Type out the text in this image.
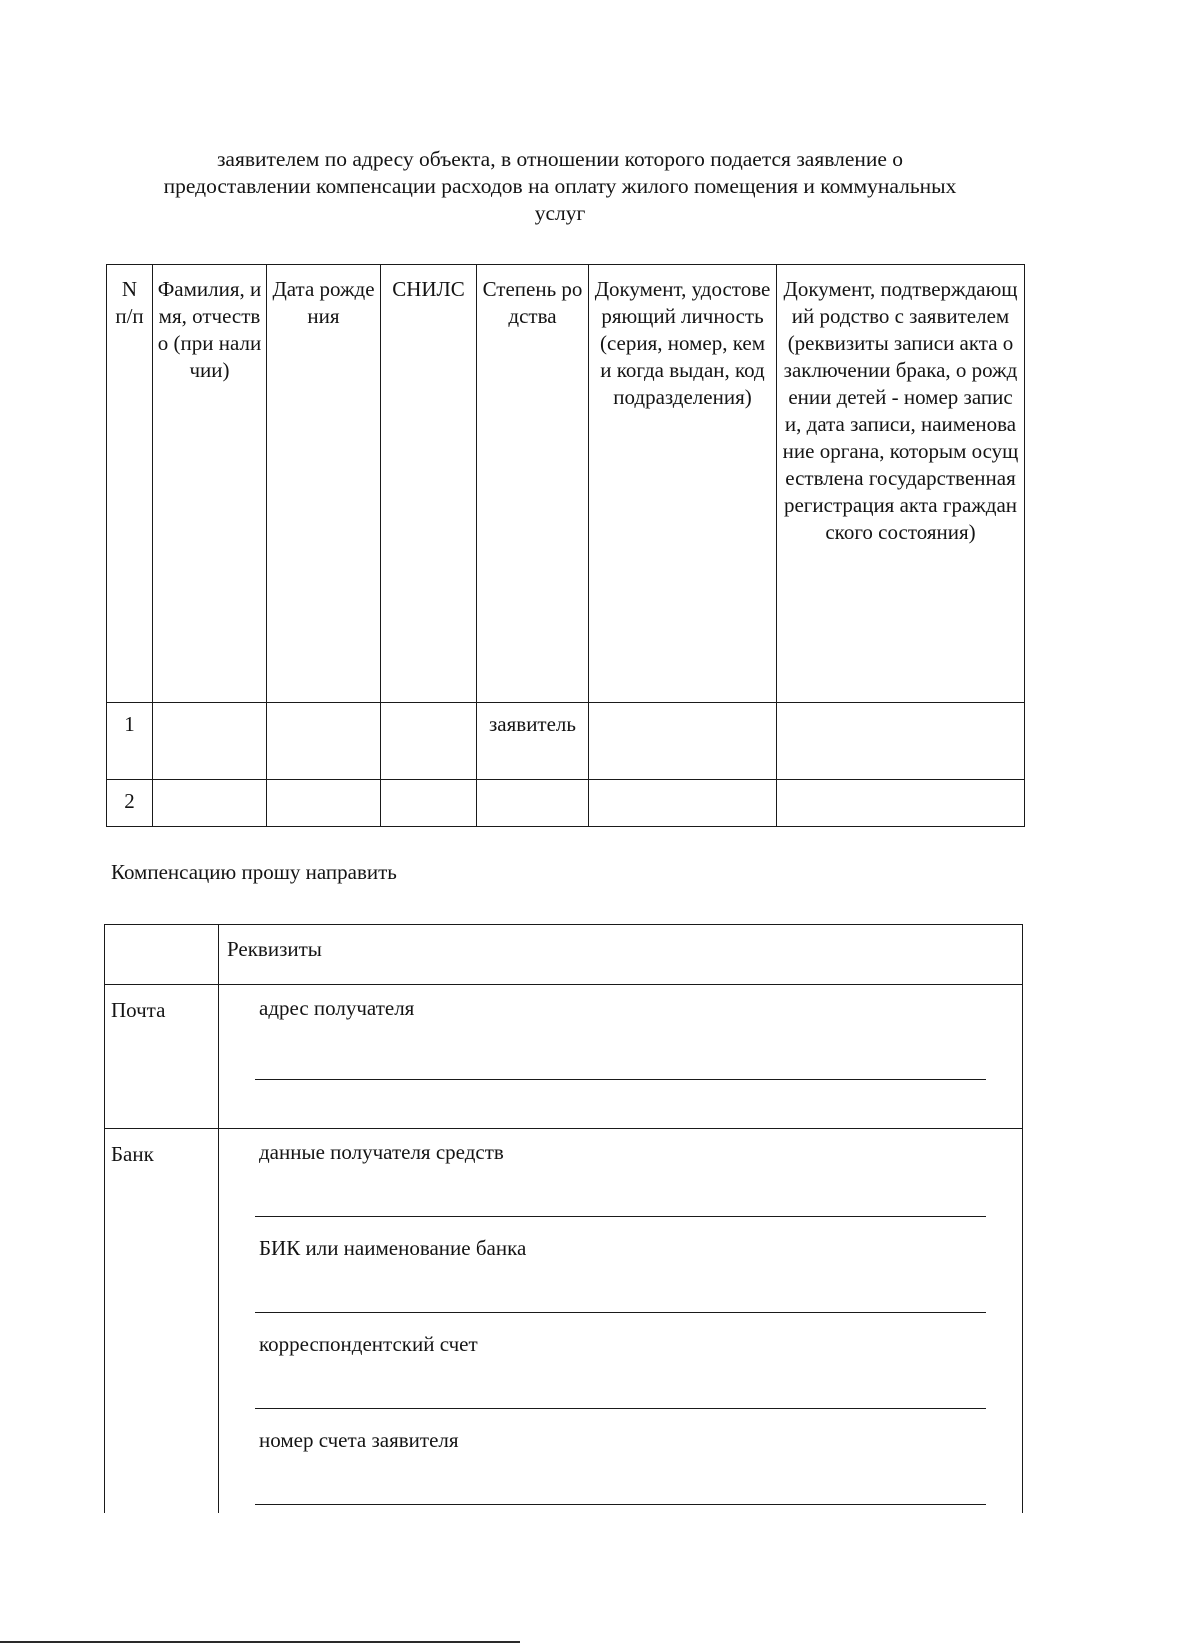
заявителем по адресу объекта, в отношении которого подается заявление о
предоставлении компенсации расходов на оплату жилого помещения и коммунальных
услуг
N п/п	Фамилия, имя, отчество (при наличии)	Дата рождения	СНИЛС	Степень родства	Документ, удостоверяющий личность (серия, номер, кем и когда выдан, код подразделения)	Документ, подтверждающий родство с заявителем (реквизиты записи акта о заключении брака, о рождении детей - номер записи, дата записи, наименование органа, которым осуществлена государственная регистрация акта гражданского состояния)
1				заявитель		
2						
Компенсацию прошу направить
	Реквизиты
Почта	адрес получателя

Банк	данные получателя средств
БИК или наименование банка
корреспондентский счет
номер счета заявителя
